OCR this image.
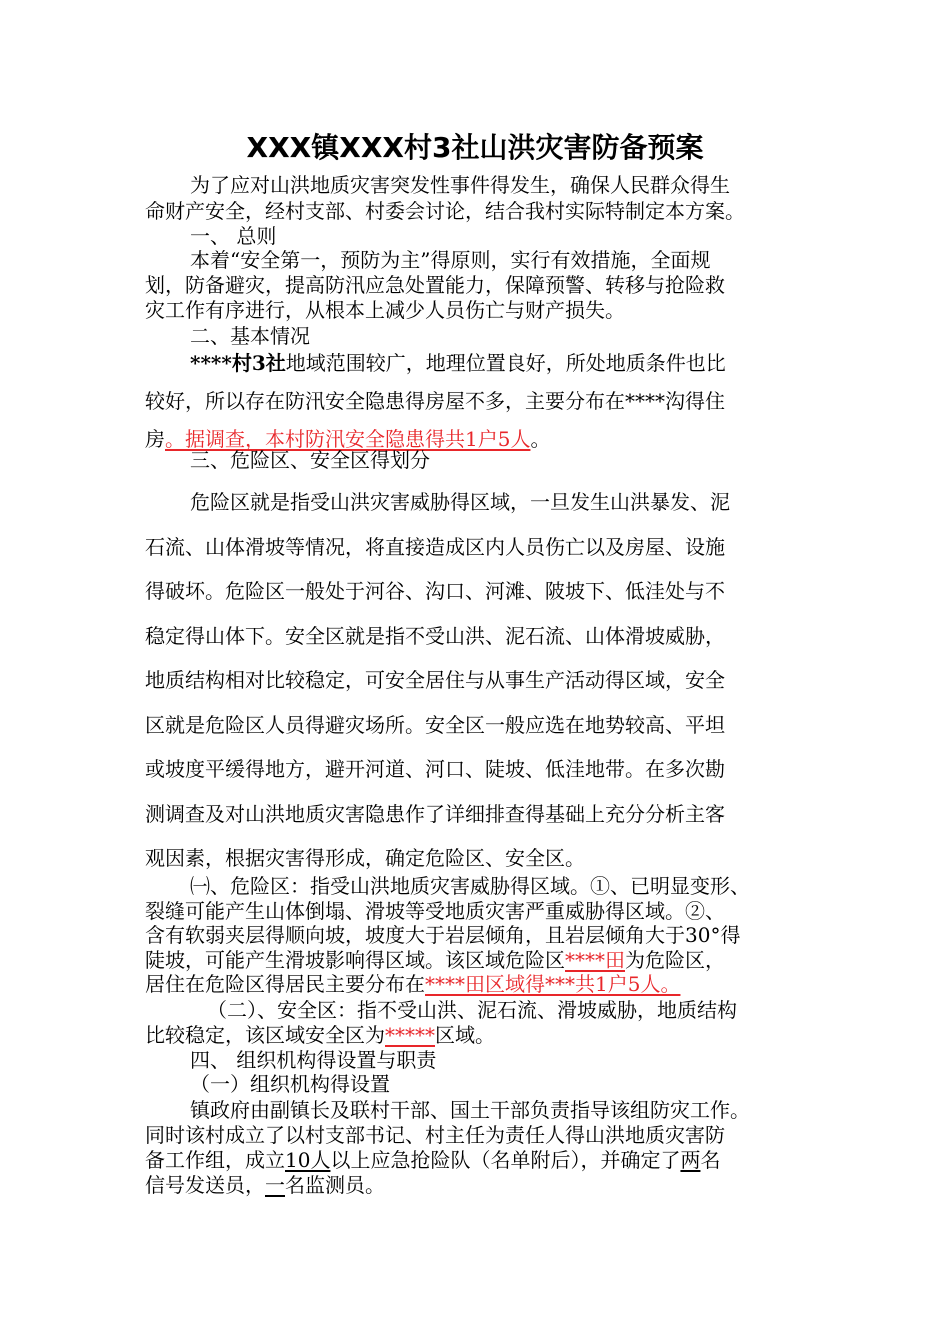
XXX镇XXX村3社山洪灾害防备预案

为了应对山洪地质灾害突发性事件得发生，确保人民群众得生

命财产安全，经村支部、村委会讨论，结合我村实际特制定本方案。

一、 总则

本着“安全第一，预防为主”得原则，实行有效措施，全面规

划，防备避灾，提高防汛应急处置能力，保障预警、转移与抢险救

灾工作有序进行，从根本上减少人员伤亡与财产损失。

二、基本情况

****村3社地域范围较广，地理位置良好，所处地质条件也比

较好，所以存在防汛安全隐患得房屋不多，主要分布在****沟得住

房。据调查，本村防汛安全隐患得共1户5人。

三、危险区、安全区得划分

危险区就是指受山洪灾害威胁得区域，一旦发生山洪暴发、泥

石流、山体滑坡等情况，将直接造成区内人员伤亡以及房屋、设施

得破坏。危险区一般处于河谷、沟口、河滩、陂坡下、低洼处与不

稳定得山体下。安全区就是指不受山洪、泥石流、山体滑坡威胁，

地质结构相对比较稳定，可安全居住与从事生产活动得区域，安全

区就是危险区人员得避灾场所。安全区一般应选在地势较高、平坦

或坡度平缓得地方，避开河道、河口、陡坡、低洼地带。在多次勘

测调查及对山洪地质灾害隐患作了详细排查得基础上充分分析主客

观因素，根据灾害得形成，确定危险区、安全区。

㈠、危险区：指受山洪地质灾害威胁得区域。①、已明显变形、

裂缝可能产生山体倒塌、滑坡等受地质灾害严重威胁得区域。②、

含有软弱夹层得顺向坡，坡度大于岩层倾角，且岩层倾角大于30°得

陡坡，可能产生滑坡影响得区域。该区域危险区****田为危险区，

居住在危险区得居民主要分布在****田区域得***共1户5人。

（二）、安全区：指不受山洪、泥石流、滑坡威胁，地质结构

比较稳定，该区域安全区为*****区域。

四、 组织机构得设置与职责

（一）组织机构得设置

镇政府由副镇长及联村干部、国土干部负责指导该组防灾工作。

同时该村成立了以村支部书记、村主任为责任人得山洪地质灾害防

备工作组，成立10人以上应急抢险队（名单附后），并确定了两名

信号发送员，一名监测员。
